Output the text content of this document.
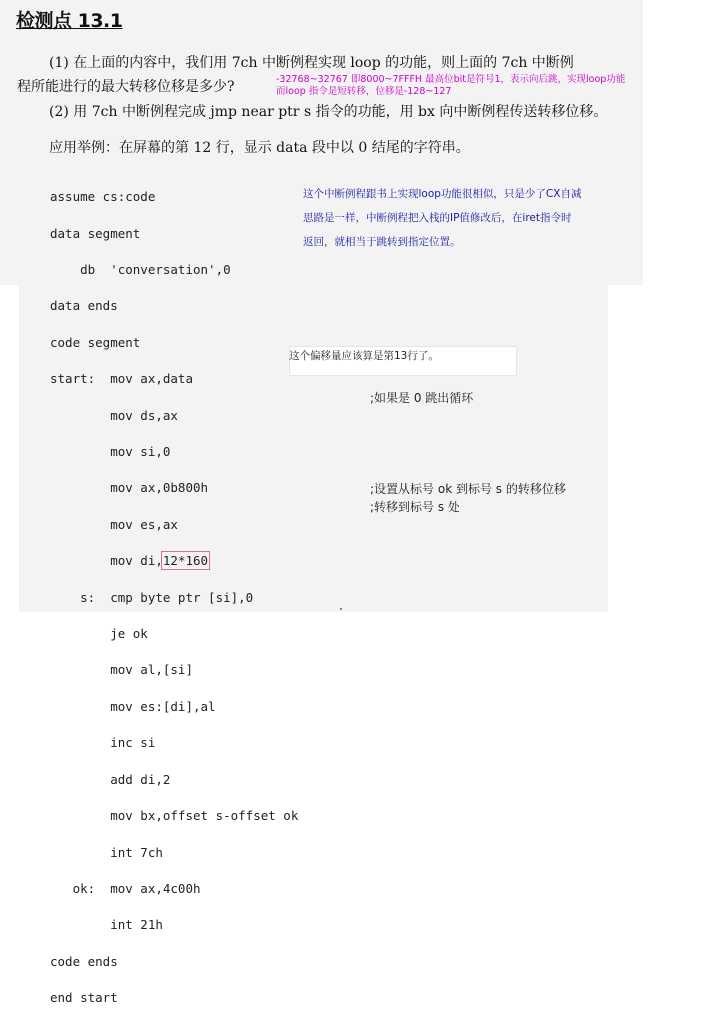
检测点 13.1
(1) 在上面的内容中，我们用 7ch 中断例程实现 loop 的功能，则上面的 7ch 中断例
程所能进行的最大转移位移是多少?	-32768~32767 即8000~7FFFH 最高位bit是符号1，表示向后跳，实现loop功能
而loop 指令是短转移，位移是-128~127
(2) 用 7ch 中断例程完成 jmp near ptr s 指令的功能，用 bx 向中断例程传送转移位移。
应用举例：在屏幕的第 12 行，显示 data 段中以 0 结尾的字符串。
这个中断例程跟书上实现loop功能很相似，只是少了CX自减
思路是一样，中断例程把入栈的IP值修改后，在iret指令时
返回，就相当于跳转到指定位置。
这个偏移量应该算是第13行了。

assume cs:code

data segment

db  'conversation',0

data ends

code segment

start:  mov ax,data

mov ds,ax

mov si,0

mov ax,0b800h

mov es,ax

mov di,12*160

s:  cmp byte ptr [si],0

je ok

mov al,[si]

mov es:[di],al

inc si

add di,2

mov bx,offset s-offset ok

int 7ch

ok:  mov ax,4c00h

int 21h

code ends

end start

;如果是 0 跳出循环
;设置从标号 ok 到标号 s 的转移位移
;转移到标号 s 处
